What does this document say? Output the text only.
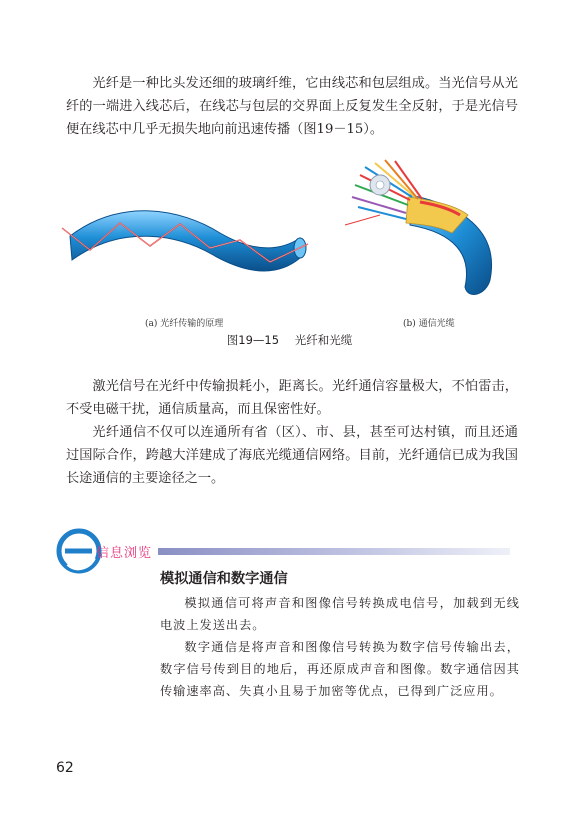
光纤是一种比头发还细的玻璃纤维，它由线芯和包层组成。当光信号从光纤的一端进入线芯后，在线芯与包层的交界面上反复发生全反射，于是光信号便在线芯中几乎无损失地向前迅速传播（图19－15）。
(a) 光纤传输的原理	(b) 通信光缆
图19—15 光纤和光缆
激光信号在光纤中传输损耗小，距离长。光纤通信容量极大，不怕雷击，不受电磁干扰，通信质量高，而且保密性好。
光纤通信不仅可以连通所有省（区）、市、县，甚至可达村镇，而且还通过国际合作，跨越大洋建成了海底光缆通信网络。目前，光纤通信已成为我国长途通信的主要途径之一。
信息浏览
模拟通信和数字通信
模拟通信可将声音和图像信号转换成电信号，加载到无线电波上发送出去。
数字通信是将声音和图像信号转换为数字信号传输出去，数字信号传到目的地后，再还原成声音和图像。数字通信因其传输速率高、失真小且易于加密等优点，已得到广泛应用。
62
